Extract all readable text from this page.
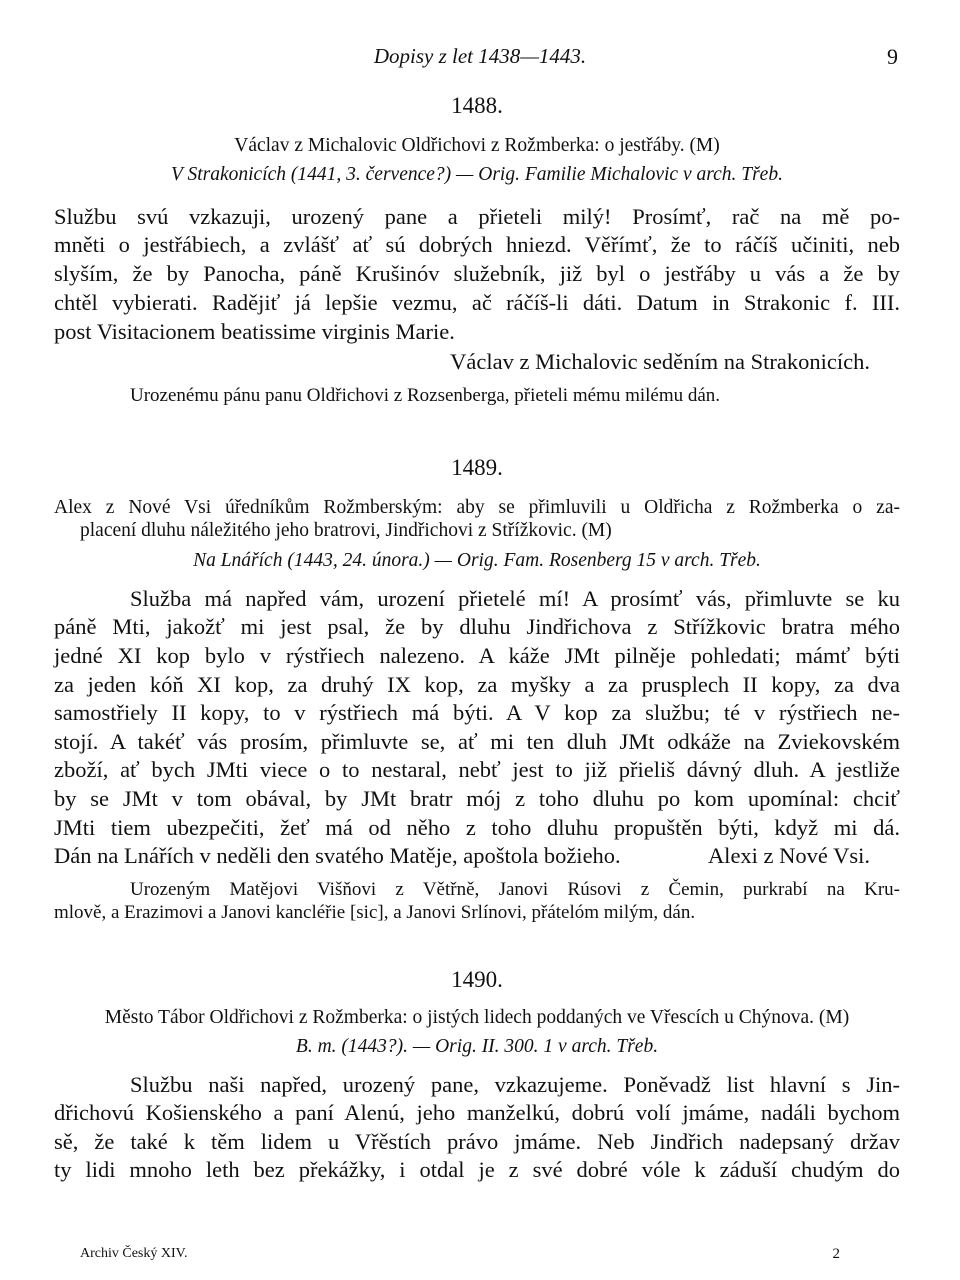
Dopisy z let 1438—1443.	9
1488.
Václav z Michalovic Oldřichovi z Rožmberka: o jestřáby. (M)
V Strakonicích (1441, 3. července?) — Orig. Familie Michalovic v arch. Třeb.
Službu svú vzkazuji, urozený pane a přieteli milý! Prosímť, rač na mě po-
mněti o jestřábiech, a zvlášť ať sú dobrých hniezd. Věřímť, že to ráčíš učiniti, neb
slyším, že by Panocha, páně Krušinóv služebník, již byl o jestřáby u vás a že by
chtěl vybierati. Radějiť já lepšie vezmu, ač ráčíš-li dáti. Datum in Strakonic f. III.
post Visitacionem beatissime virginis Marie.
Václav z Michalovic seděním na Strakonicích.
Urozenému pánu panu Oldřichovi z Rozsenberga, přieteli mému milému dán.
1489.
Alex z Nové Vsi úředníkům Rožmberským: aby se přimluvili u Oldřicha z Rožmberka o za-
placení dluhu náležitého jeho bratrovi, Jindřichovi z Střížkovic. (M)
Na Lnářích (1443, 24. února.) — Orig. Fam. Rosenberg 15 v arch. Třeb.
Služba má napřed vám, urození přietelé mí! A prosímť vás, přimluvte se ku
páně Mti, jakožť mi jest psal, že by dluhu Jindřichova z Střížkovic bratra mého
jedné XI kop bylo v rýstřiech nalezeno. A káže JMt pilněje pohledati; mámť býti
za jeden kóň XI kop, za druhý IX kop, za myšky a za prusplech II kopy, za dva
samostřiely II kopy, to v rýstřiech má býti. A V kop za službu; té v rýstřiech ne-
stojí. A takéť vás prosím, přimluvte se, ať mi ten dluh JMt odkáže na Zviekovském
zboží, ať bych JMti viece o to nestaral, nebť jest to již přieliš dávný dluh. A jestliže
by se JMt v tom obával, by JMt bratr mój z toho dluhu po kom upomínal: chciť
JMti tiem ubezpečiti, žeť má od něho z toho dluhu propuštěn býti, když mi dá.
Dán na Lnářích v neděli den svatého Matěje, apoštola božieho.	Alexi z Nové Vsi.
Urozeným Matějovi Višňovi z Větřně, Janovi Rúsovi z Čemin, purkrabí na Kru-
mlově, a Erazimovi a Janovi kancléřie [sic], a Janovi Srlínovi, přátelóm milým, dán.
1490.
Město Tábor Oldřichovi z Rožmberka: o jistých lidech poddaných ve Vřescích u Chýnova. (M)
B. m. (1443?). — Orig. II. 300. 1 v arch. Třeb.
Službu naši napřed, urozený pane, vzkazujeme. Poněvadž list hlavní s Jin-
dřichovú Košienského a paní Alenú, jeho manželkú, dobrú volí jmáme, nadáli bychom
sě, že také k těm lidem u Vřěstích právo jmáme. Neb Jindřich nadepsaný držav
ty lidi mnoho leth bez překážky, i otdal je z své dobré vóle k záduší chudým do
Archiv Český XIV.	2
